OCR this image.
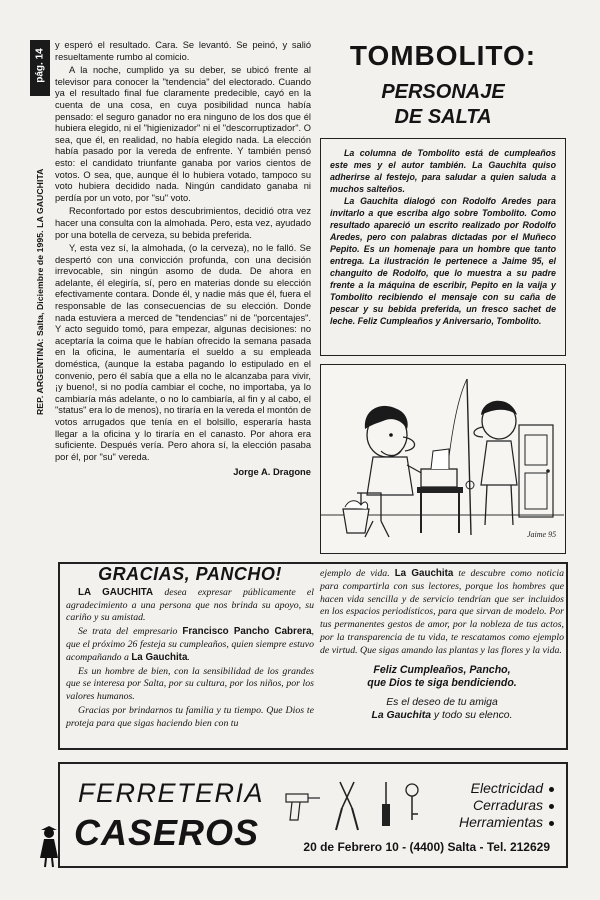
pág. 14
REP. ARGENTINA: Salta, Diciembre de 1995. LA GAUCHITA

y esperó el resultado. Cara. Se levantó. Se peinó, y salió resueltamente rumbo al comicio.

A la noche, cumplido ya su deber, se ubicó frente al televisor para conocer la "tendencia" del electorado. Cuando ya el resultado final fue claramente predecible, cayó en la cuenta de una cosa, en cuya posibilidad nunca había pensado: el seguro ganador no era ninguno de los dos que él hubiera elegido, ni el "higienizador" ni el "descorruptizador". O sea, que él, en realidad, no había elegido nada. La elección había pasado por la vereda de enfrente. Y también pensó esto: el candidato triunfante ganaba por varios cientos de votos. O sea, que, aunque él lo hubiera votado, tampoco su voto hubiera decidido nada. Ningún candidato ganaba ni perdía por un voto, por "su" voto.

Reconfortado por estos descubrimientos, decidió otra vez hacer una consulta con la almohada. Pero, esta vez, ayudado por una botella de cerveza, su bebida preferida.

Y, esta vez sí, la almohada, (o la cerveza), no le falló. Se despertó con una convicción profunda, con una decisión irrevocable, sin ningún asomo de duda. De ahora en adelante, él elegiría, sí, pero en materias donde su elección efectivamente contara. Donde él, y nadie más que él, fuera el responsable de las consecuencias de su elección. Donde nada estuviera a merced de "tendencias" ni de "porcentajes". Y acto seguido tomó, para empezar, algunas decisiones: no aceptaría la coima que le habían ofrecido la semana pasada en la oficina, le aumentaría el sueldo a su empleada doméstica, (aunque la estaba pagando lo estipulado en el convenio, pero él sabía que a ella no le alcanzaba para vivir, ¡y bueno!, si no podía cambiar el coche, no importaba, ya lo cambiaría más adelante, o no lo cambiaría, al fin y al cabo, el "status" era lo de menos), no tiraría en la vereda el montón de votos arrugados que tenía en el bolsillo, esperaría hasta llegar a la oficina y lo tiraría en el canasto. Por ahora era suficiente. Después vería. Pero ahora sí, la elección pasaba por él, por "su" vereda.

Jorge A. Dragone
TOMBOLITO:
PERSONAJE
DE SALTA

La columna de Tombolito está de cumpleaños este mes y el autor también. La Gauchita quiso adherirse al festejo, para saludar a quien saluda a muchos salteños.

La Gauchita dialogó con Rodolfo Aredes para invitarlo a que escriba algo sobre Tombolito. Como resultado apareció un escrito realizado por Rodolfo Aredes, pero con palabras dictadas por el Muñeco Pepito. Es un homenaje para un hombre que tanto entrega. La ilustración le pertenece a Jaime 95, el changuito de Rodolfo, que lo muestra a su padre frente a la máquina de escribir, Pepito en la vaija y Tombolito recibiendo el mensaje con su caña de pescar y su bebida preferida, un fresco sachet de leche. Feliz Cumpleaños y Aniversario, Tombolito.

Jaime 95
GRACIAS, PANCHO!

LA GAUCHITA desea expresar públicamente el agradecimiento a una persona que nos brinda su apoyo, su cariño y su amistad.

Se trata del empresario Francisco Pancho Cabrera, que el próximo 26 festeja su cumpleaños, quien siempre estuvo acompañando a La Gauchita.

Es un hombre de bien, con la sensibilidad de los grandes que se interesa por Salta, por su cultura, por los niños, por los valores humanos.

Gracias por brindarnos tu familia y tu tiempo. Que Dios te proteja para que sigas haciendo bien con tu

ejemplo de vida. La Gauchita te descubre como noticia para compartirla con sus lectores, porque los hombres que hacen vida sencilla y de servicio tendrían que ser incluidos en los espacios periodísticos, para que sirvan de modelo. Por tus permanentes gestos de amor, por la nobleza de tus actos, por la transparencia de tu vida, te rescatamos como ejemplo de virtud. Que sigas amando las plantas y las flores y la vida.

Feliz Cumpleaños, Pancho,
que Dios te siga bendiciendo.
Es el deseo de tu amiga
La Gauchita y todo su elenco.
FERRETERIA
CASEROS
Electricidad
Cerraduras
Herramientas
20 de Febrero 10 - (4400) Salta - Tel. 212629
